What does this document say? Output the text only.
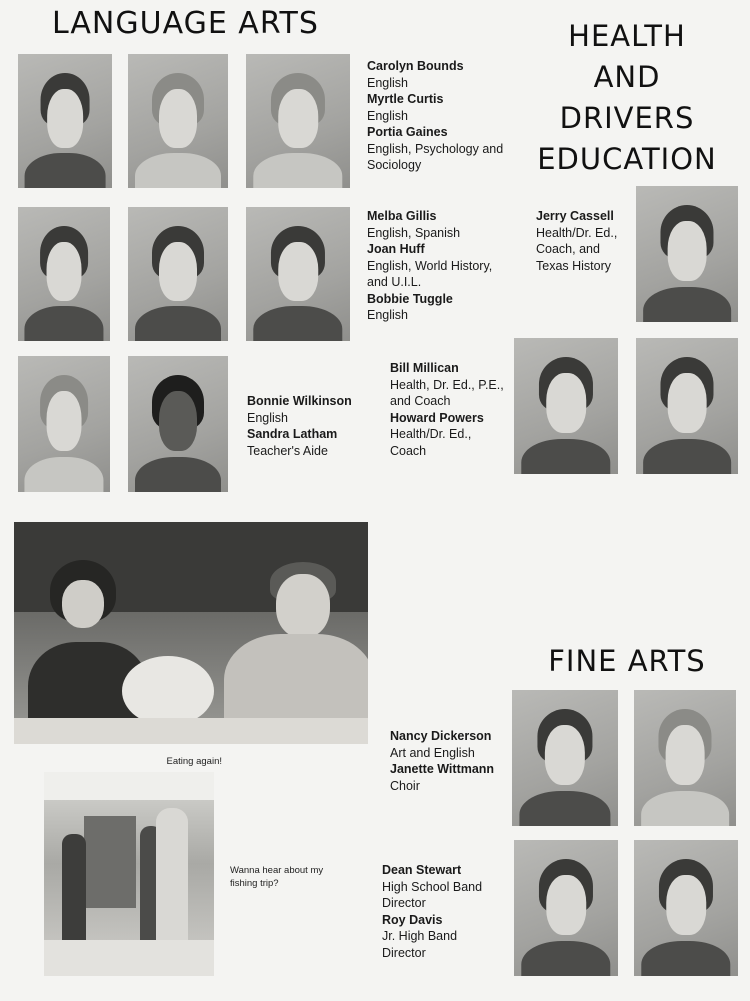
LANGUAGE ARTS	HEALTH
AND
DRIVERS
EDUCATION
FINE ARTS
Carolyn Bounds
English
Myrtle Curtis
English
Portia Gaines
English, Psychology and Sociology
Melba Gillis
English, Spanish
Joan Huff
English, World History, and U.I.L.
Bobbie Tuggle
English
Bonnie Wilkinson
English
Sandra Latham
Teacher's Aide
Jerry Cassell
Health/Dr. Ed., Coach, and Texas History
Bill Millican
Health, Dr. Ed., P.E., and Coach
Howard Powers
Health/Dr. Ed., Coach
Eating again!
Wanna hear about my fishing trip?
Nancy Dickerson
Art and English
Janette Wittmann
Choir
Dean Stewart
High School Band Director
Roy Davis
Jr. High Band Director
